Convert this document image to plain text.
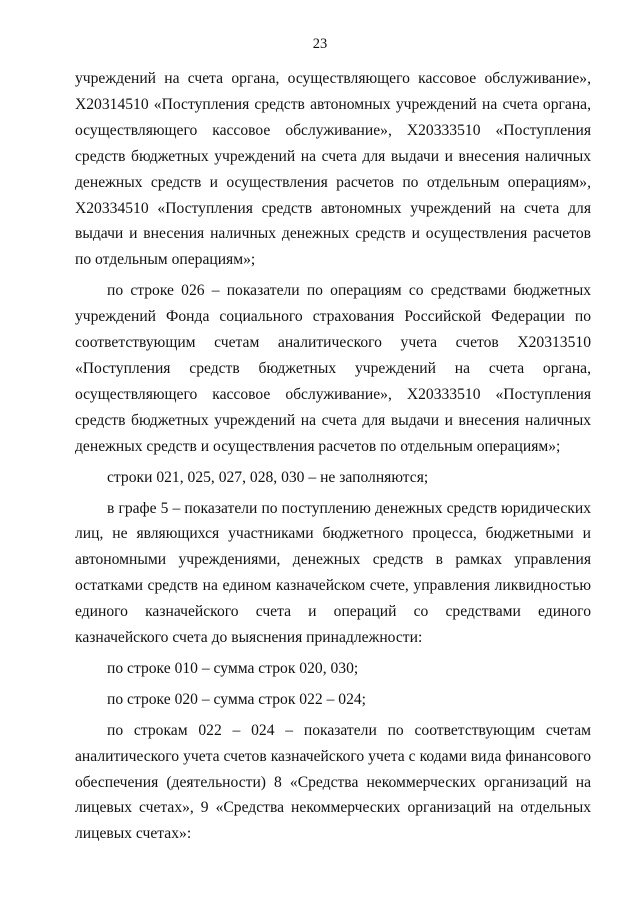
23

учреждений на счета органа, осуществляющего кассовое обслуживание», X20314510 «Поступления средств автономных учреждений на счета органа, осуществляющего кассовое обслуживание», X20333510 «Поступления средств бюджетных учреждений на счета для выдачи и внесения наличных денежных средств и осуществления расчетов по отдельным операциям», X20334510 «Поступления средств автономных учреждений на счета для выдачи и внесения наличных денежных средств и осуществления расчетов по отдельным операциям»;

по строке 026 – показатели по операциям со средствами бюджетных учреждений Фонда социального страхования Российской Федерации по соответствующим счетам аналитического учета счетов X20313510 «Поступления средств бюджетных учреждений на счета органа, осуществляющего кассовое обслуживание», X20333510 «Поступления средств бюджетных учреждений на счета для выдачи и внесения наличных денежных средств и осуществления расчетов по отдельным операциям»;

строки 021, 025, 027, 028, 030 – не заполняются;

в графе 5 – показатели по поступлению денежных средств юридических лиц, не являющихся участниками бюджетного процесса, бюджетными и автономными учреждениями, денежных средств в рамках управления остатками средств на едином казначейском счете, управления ликвидностью единого казначейского счета и операций со средствами единого казначейского счета до выяснения принадлежности:

по строке 010 – сумма строк 020, 030;

по строке 020 – сумма строк 022 – 024;

по строкам 022 – 024 – показатели по соответствующим счетам аналитического учета счетов казначейского учета с кодами вида финансового обеспечения (деятельности) 8 «Средства некоммерческих организаций на лицевых счетах», 9 «Средства некоммерческих организаций на отдельных лицевых счетах»:
